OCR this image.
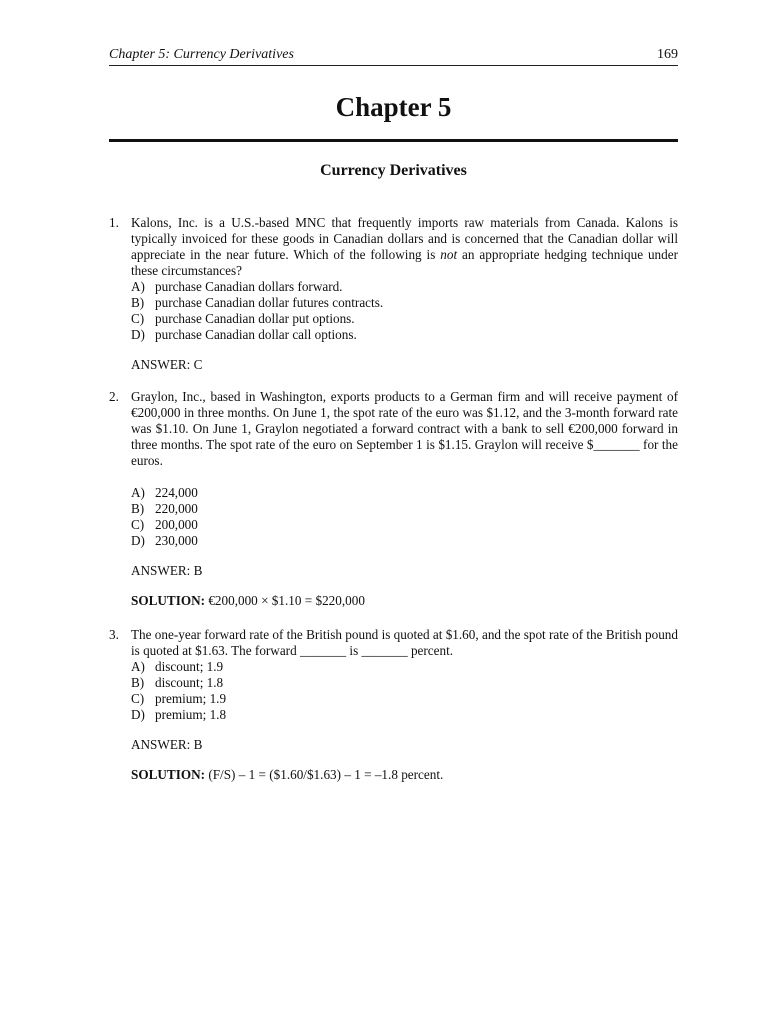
Chapter 5: Currency Derivatives	169
Chapter 5
Currency Derivatives
1. Kalons, Inc. is a U.S.-based MNC that frequently imports raw materials from Canada. Kalons is typically invoiced for these goods in Canadian dollars and is concerned that the Canadian dollar will appreciate in the near future. Which of the following is not an appropriate hedging technique under these circumstances?
A) purchase Canadian dollars forward.
B) purchase Canadian dollar futures contracts.
C) purchase Canadian dollar put options.
D) purchase Canadian dollar call options.
ANSWER: C
2. Graylon, Inc., based in Washington, exports products to a German firm and will receive payment of €200,000 in three months. On June 1, the spot rate of the euro was $1.12, and the 3-month forward rate was $1.10. On June 1, Graylon negotiated a forward contract with a bank to sell €200,000 forward in three months. The spot rate of the euro on September 1 is $1.15. Graylon will receive $_______ for the euros.
A) 224,000
B) 220,000
C) 200,000
D) 230,000
ANSWER: B
SOLUTION: €200,000 × $1.10 = $220,000
3. The one-year forward rate of the British pound is quoted at $1.60, and the spot rate of the British pound is quoted at $1.63. The forward _______ is _______ percent.
A) discount; 1.9
B) discount; 1.8
C) premium; 1.9
D) premium; 1.8
ANSWER: B
SOLUTION: (F/S) – 1 = ($1.60/$1.63) – 1 = –1.8 percent.
